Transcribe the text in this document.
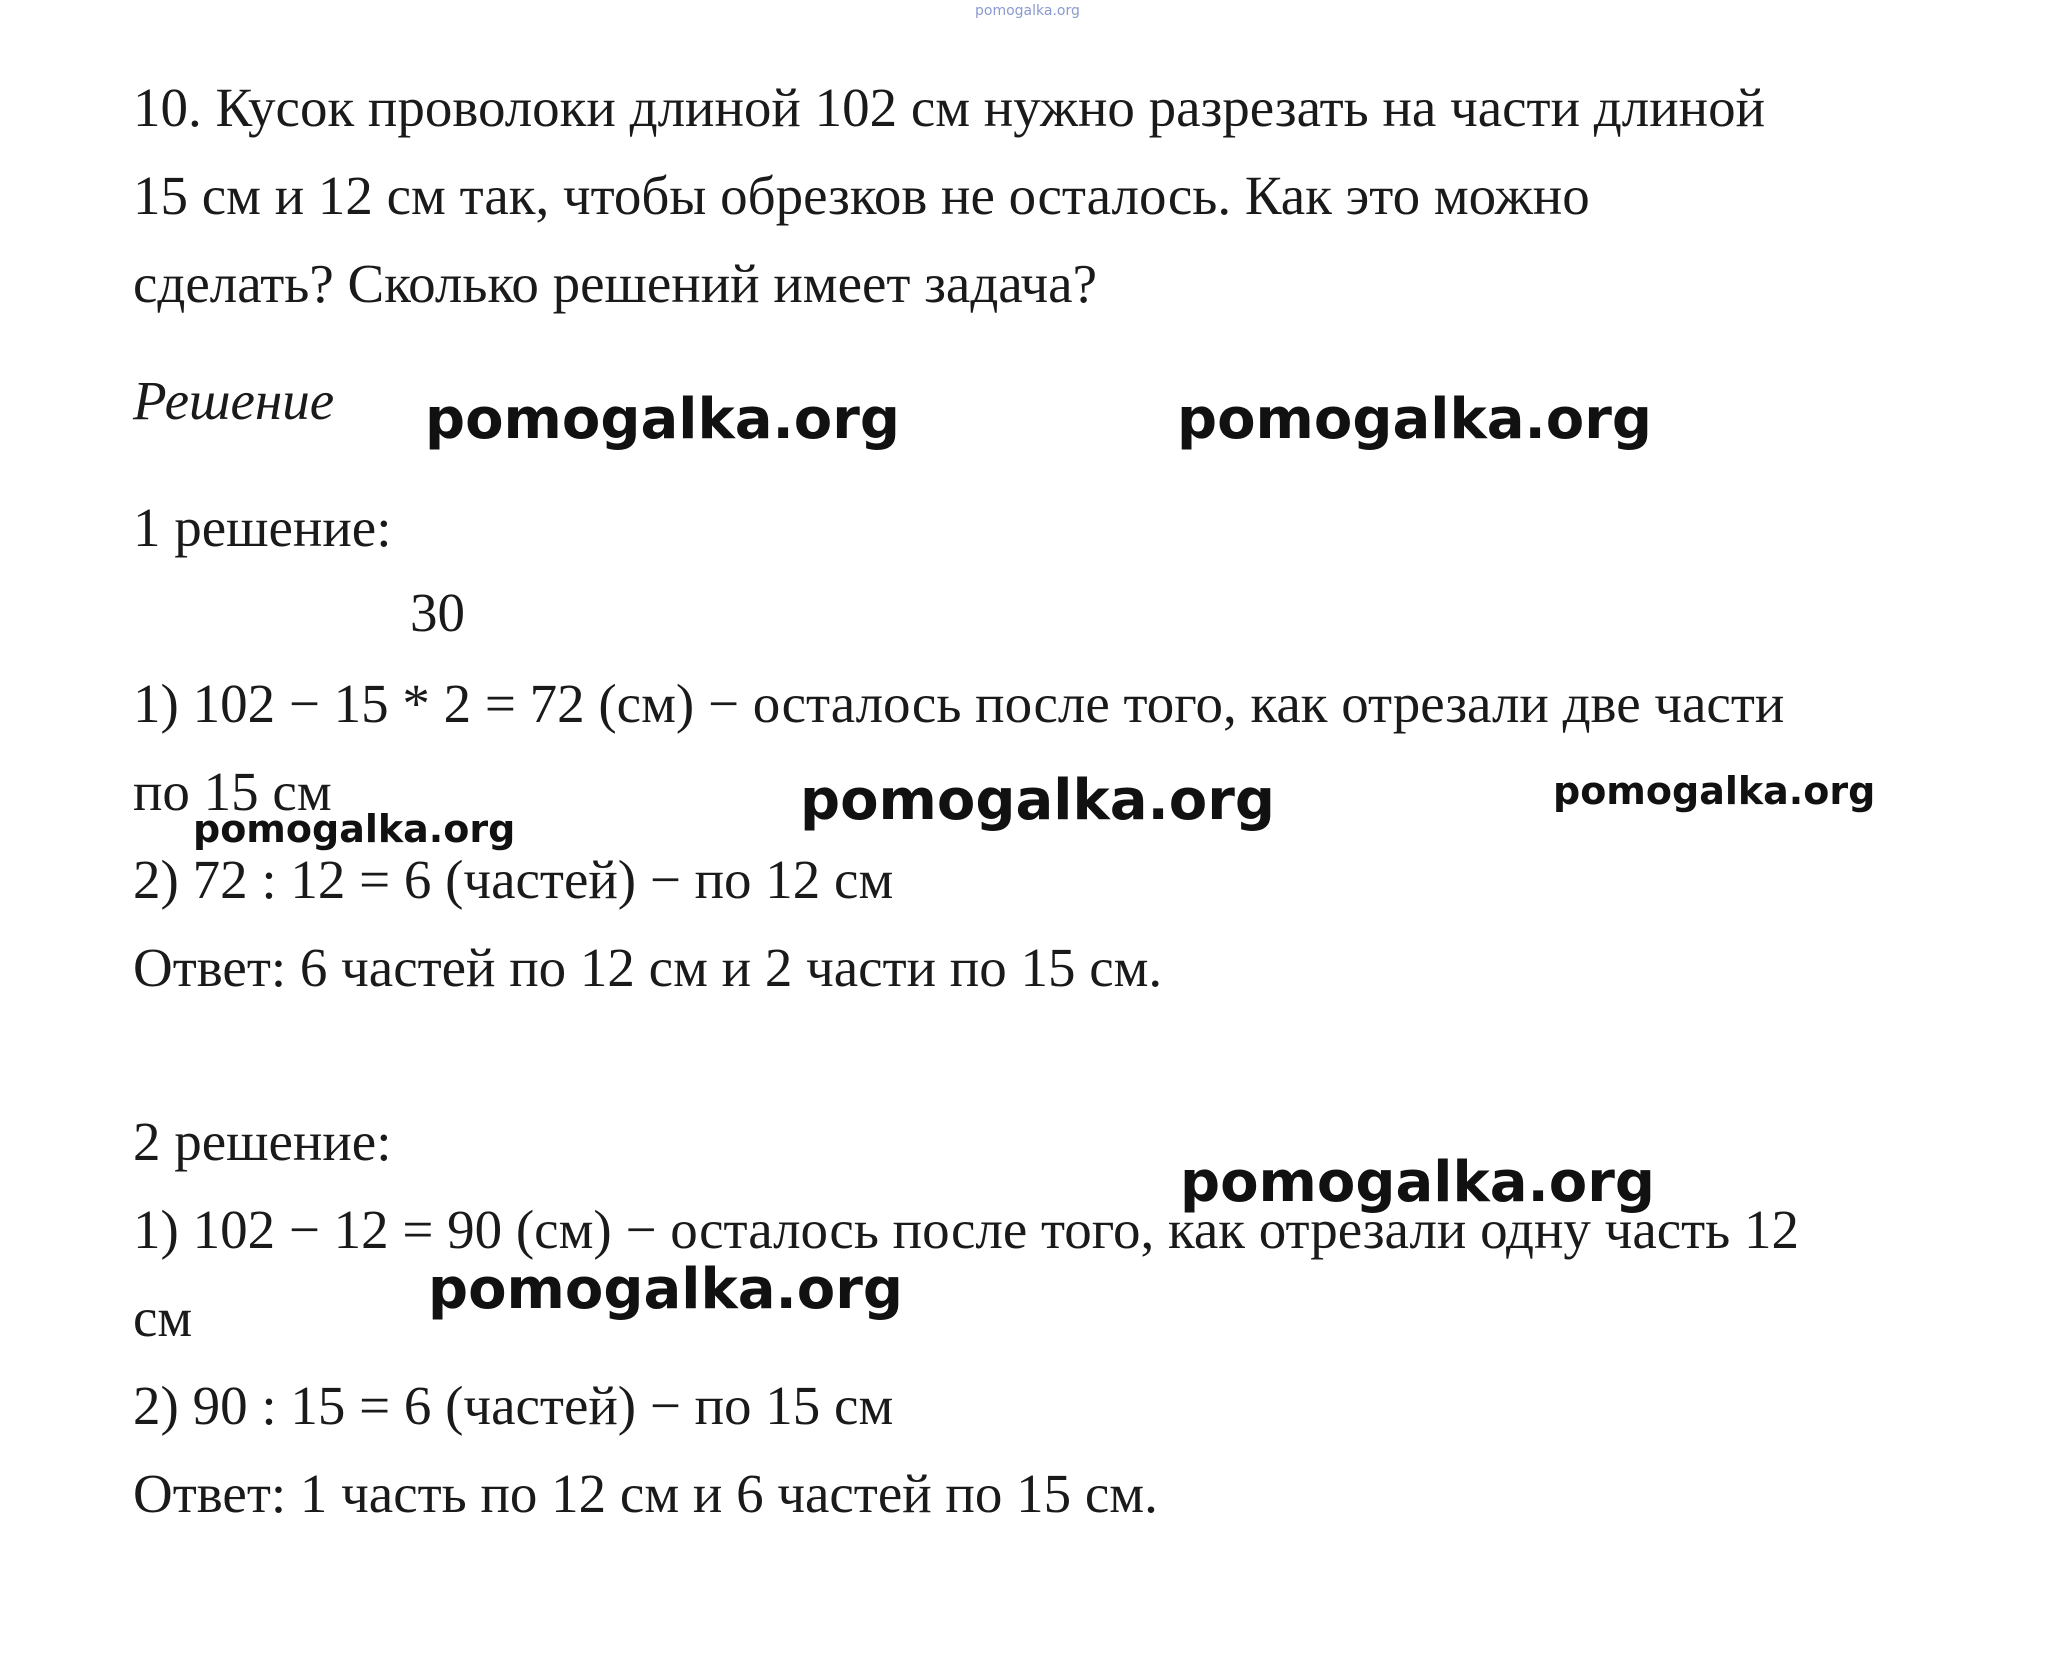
pomogalka.org
10. Кусок проволоки длиной 102 см нужно разрезать на части длиной
15 см и 12 см так, чтобы обрезков не осталось. Как это можно
сделать? Сколько решений имеет задача?
Решение
1 решение:
30
1) 102 − 15 * 2 = 72 (см) − осталось после того, как отрезали две части
по 15 см
2) 72 : 12 = 6 (частей) − по 12 см
Ответ: 6 частей по 12 см и 2 части по 15 см.
2 решение:
1) 102 − 12 = 90 (см) − осталось после того, как отрезали одну часть 12
см
2) 90 : 15 = 6 (частей) − по 15 см
Ответ: 1 часть по 12 см и 6 частей по 15 см.
pomogalka.org	pomogalka.org
pomogalka.org	pomogalka.org
pomogalka.org
pomogalka.org
pomogalka.org
